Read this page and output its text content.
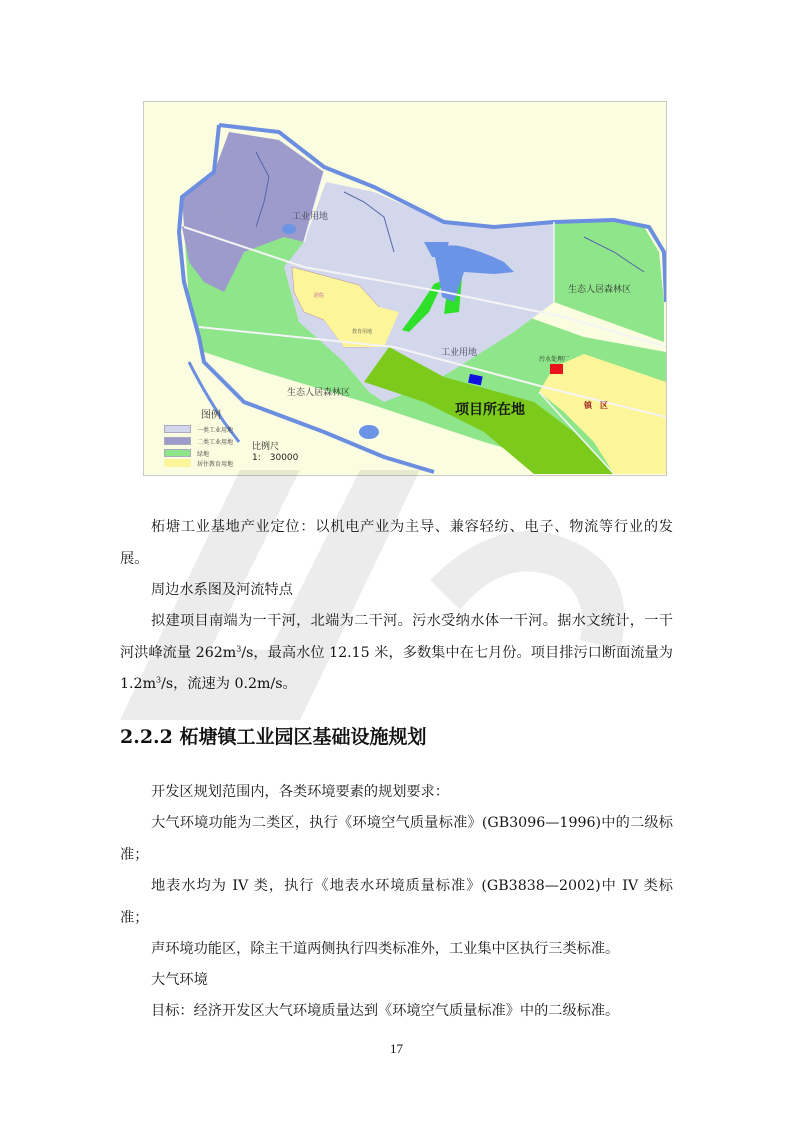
工业用地
生态人居森林区
工业用地
污水处理厂
生态人居森林区
项目所在地	镇　区
居住
教育用地
图例
一类工业用地
二类工业用地
绿地
居住教育用地
比例尺
1:　30000
柘塘工业基地产业定位：以机电产业为主导、兼容轻纺、电子、物流等行业的发展。
周边水系图及河流特点
拟建项目南端为一干河，北端为二干河。污水受纳水体一干河。据水文统计，一干河洪峰流量 $262m^3/s$，最高水位 12.15 米，多数集中在七月份。项目排污口断面流量为 $1.2m^3/s$，流速为 0.2m/s。
2.2.2 柘塘镇工业园区基础设施规划
开发区规划范围内，各类环境要素的规划要求：
大气环境功能为二类区，执行《环境空气质量标准》(GB3096—1996)中的二级标准；
地表水均为 IV 类，执行《地表水环境质量标准》(GB3838—2002)中 IV 类标准；
声环境功能区，除主干道两侧执行四类标准外，工业集中区执行三类标准。
大气环境
目标：经济开发区大气环境质量达到《环境空气质量标准》中的二级标准。
17
